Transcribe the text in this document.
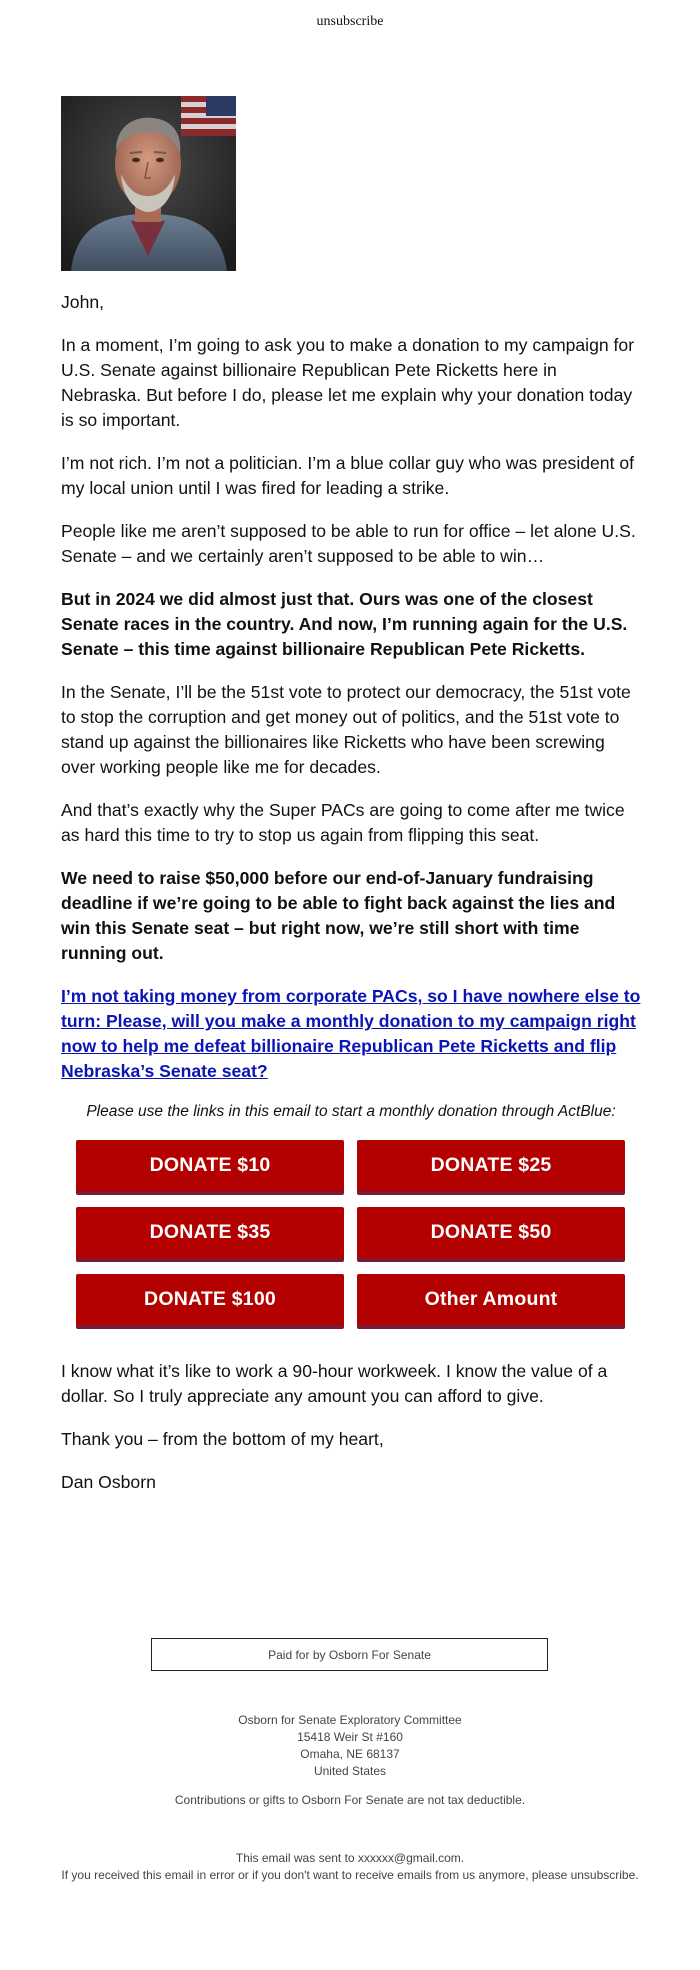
unsubscribe

John,

In a moment, I’m going to ask you to make a donation to my campaign for U.S. Senate against billionaire Republican Pete Ricketts here in Nebraska. But before I do, please let me explain why your donation today is so important.

I’m not rich. I’m not a politician. I’m a blue collar guy who was president of my local union until I was fired for leading a strike.

People like me aren’t supposed to be able to run for office – let alone U.S. Senate – and we certainly aren’t supposed to be able to win…

But in 2024 we did almost just that. Ours was one of the closest Senate races in the country. And now, I’m running again for the U.S. Senate – this time against billionaire Republican Pete Ricketts.

In the Senate, I’ll be the 51st vote to protect our democracy, the 51st vote to stop the corruption and get money out of politics, and the 51st vote to stand up against the billionaires like Ricketts who have been screwing over working people like me for decades.

And that’s exactly why the Super PACs are going to come after me twice as hard this time to try to stop us again from flipping this seat.

We need to raise $50,000 before our end-of-January fundraising deadline if we’re going to be able to fight back against the lies and win this Senate seat – but right now, we’re still short with time running out.

I’m not taking money from corporate PACs, so I have nowhere else to turn: Please, will you make a monthly donation to my campaign right now to help me defeat billionaire Republican Pete Ricketts and flip Nebraska’s Senate seat?

Please use the links in this email to start a monthly donation through ActBlue:

DONATE $10	DONATE $25
DONATE $35	DONATE $50
DONATE $100	Other Amount

I know what it’s like to work a 90-hour workweek. I know the value of a dollar. So I truly appreciate any amount you can afford to give.

Thank you – from the bottom of my heart,

Dan Osborn

Paid for by Osborn For Senate
Osborn for Senate Exploratory Committee
15418 Weir St #160
Omaha, NE 68137
United States
Contributions or gifts to Osborn For Senate are not tax deductible.
This email was sent to xxxxxx@gmail.com.
If you received this email in error or if you don't want to receive emails from us anymore, please unsubscribe.
